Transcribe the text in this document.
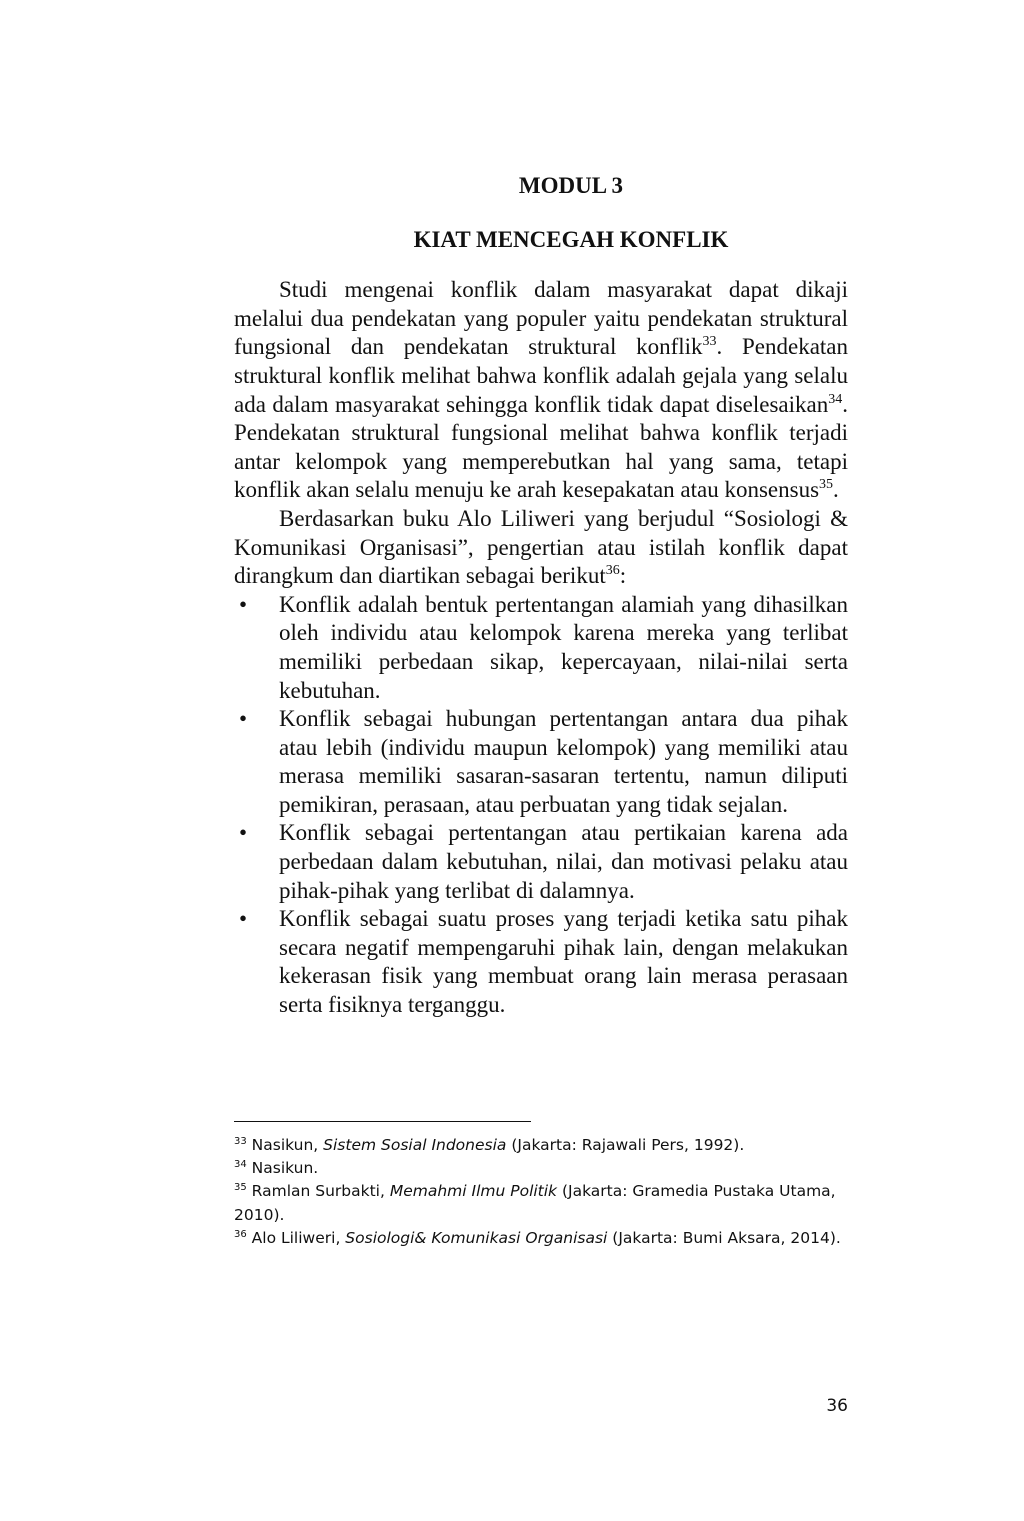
MODUL 3
KIAT MENCEGAH KONFLIK

Studi mengenai konflik dalam masyarakat dapat dikaji melalui dua pendekatan yang populer yaitu pendekatan struktural fungsional dan pendekatan struktural konflik$^{33}$. Pendekatan struktural konflik melihat bahwa konflik adalah gejala yang selalu ada dalam masyarakat sehingga konflik tidak dapat diselesaikan$^{34}$. Pendekatan struktural fungsional melihat bahwa konflik terjadi antar kelompok yang memperebutkan hal yang sama, tetapi konflik akan selalu menuju ke arah kesepakatan atau konsensus$^{35}$.

Berdasarkan buku Alo Liliweri yang berjudul “Sosiologi & Komunikasi Organisasi”, pengertian atau istilah konflik dapat dirangkum dan diartikan sebagai berikut$^{36}$:

• Konflik adalah bentuk pertentangan alamiah yang dihasilkan oleh individu atau kelompok karena mereka yang terlibat memiliki perbedaan sikap, kepercayaan, nilai-nilai serta kebutuhan.
• Konflik sebagai hubungan pertentangan antara dua pihak atau lebih (individu maupun kelompok) yang memiliki atau merasa memiliki sasaran-sasaran tertentu, namun diliputi pemikiran, perasaan, atau perbuatan yang tidak sejalan.
• Konflik sebagai pertentangan atau pertikaian karena ada perbedaan dalam kebutuhan, nilai, dan motivasi pelaku atau pihak-pihak yang terlibat di dalamnya.
• Konflik sebagai suatu proses yang terjadi ketika satu pihak secara negatif mempengaruhi pihak lain, dengan melakukan kekerasan fisik yang membuat orang lain merasa perasaan serta fisiknya terganggu.

$^{33}$ Nasikun, Sistem Sosial Indonesia (Jakarta: Rajawali Pers, 1992).

$^{34}$ Nasikun.

$^{35}$ Ramlan Surbakti, Memahmi Ilmu Politik (Jakarta: Gramedia Pustaka Utama, 2010).

$^{36}$ Alo Liliweri, Sosiologi& Komunikasi Organisasi (Jakarta: Bumi Aksara, 2014).

36
